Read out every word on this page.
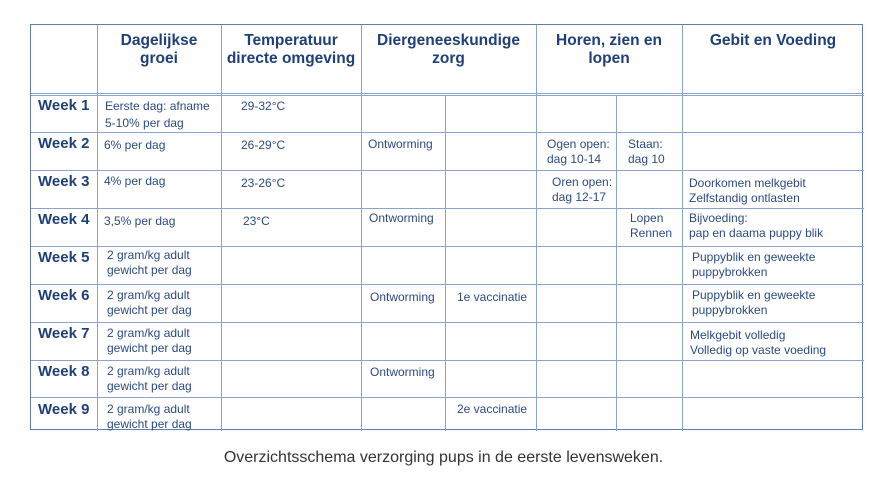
Dagelijkse
groei
Temperatuur
directe omgeving
Diergeneeskundige
zorg
Horen, zien en
lopen
Gebit en Voeding
Week 1
Week 2
Week 3
Week 4
Week 5
Week 6
Week 7
Week 8
Week 9
Eerste dag: afname
5-10% per dag
6% per dag
4% per dag
3,5% per dag
2 gram/kg adult
gewicht per dag
2 gram/kg adult
gewicht per dag
2 gram/kg adult
gewicht per dag
2 gram/kg adult
gewicht per dag
2 gram/kg adult
gewicht per dag
29-32°C
26-29°C
23-26°C
23°C
Ontworming
Ontworming
Ontworming 1e vaccinatie
Ontworming
2e vaccinatie
Ogen open:
dag 10-14
Staan:
dag 10
Oren open:
dag 12-17
Lopen
Rennen
Doorkomen melkgebit
Zelfstandig ontlasten
Bijvoeding:
pap en daama puppy blik
Puppyblik en geweekte
puppybrokken
Puppyblik en geweekte
puppybrokken
Melkgebit volledig
Volledig op vaste voeding
Overzichtsschema verzorging pups in de eerste levensweken.
